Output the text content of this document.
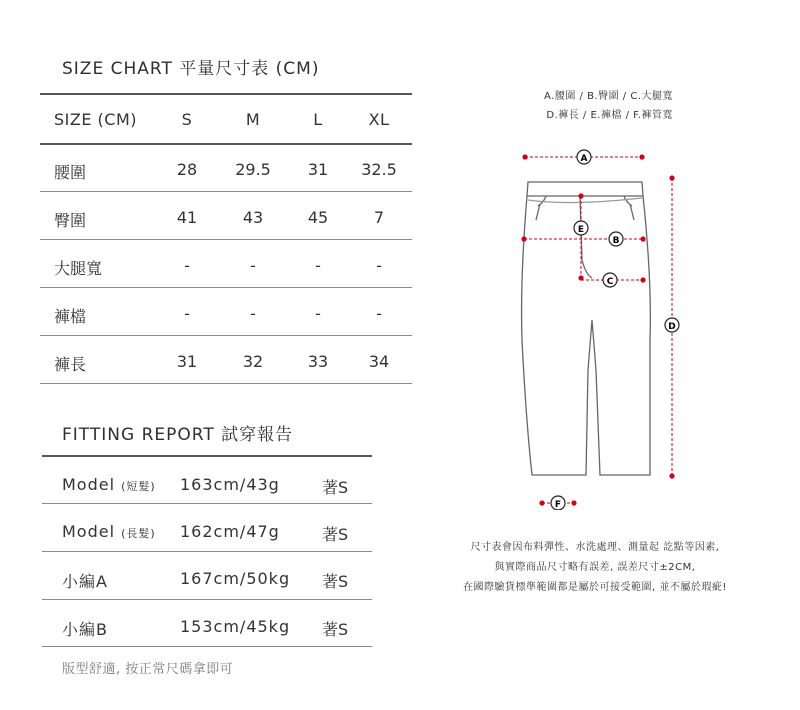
SIZE CHART 平量尺寸表 (CM)
SIZE (CM)	S	M	L	XL
腰圍	28	29.5	31	32.5
臀圍	41	43	45	7
大腿寬	-	-	-	-
褲檔	-	-	-	-
褲長	31	32	33	34
FITTING REPORT 試穿報告
Model (短髮) 163cm/43g	著S
Model (長髮) 162cm/47g	著S
小編A	167cm/50kg 著S
小編B	153cm/45kg 著S
版型舒適, 按正常尺碼拿即可
A.腰圍 / B.臀圍 / C.大腿寬
D.褲長 / E.褲檔 / F.褲管寬
A
B
E
C
D
F
尺寸表會因布料彈性、水洗處理、測量起 訖點等因素,
與實際商品尺寸略有誤差, 誤差尺寸±2CM,
在國際驗貨標準範圍都是屬於可接受範圍, 並不屬於瑕疵!
